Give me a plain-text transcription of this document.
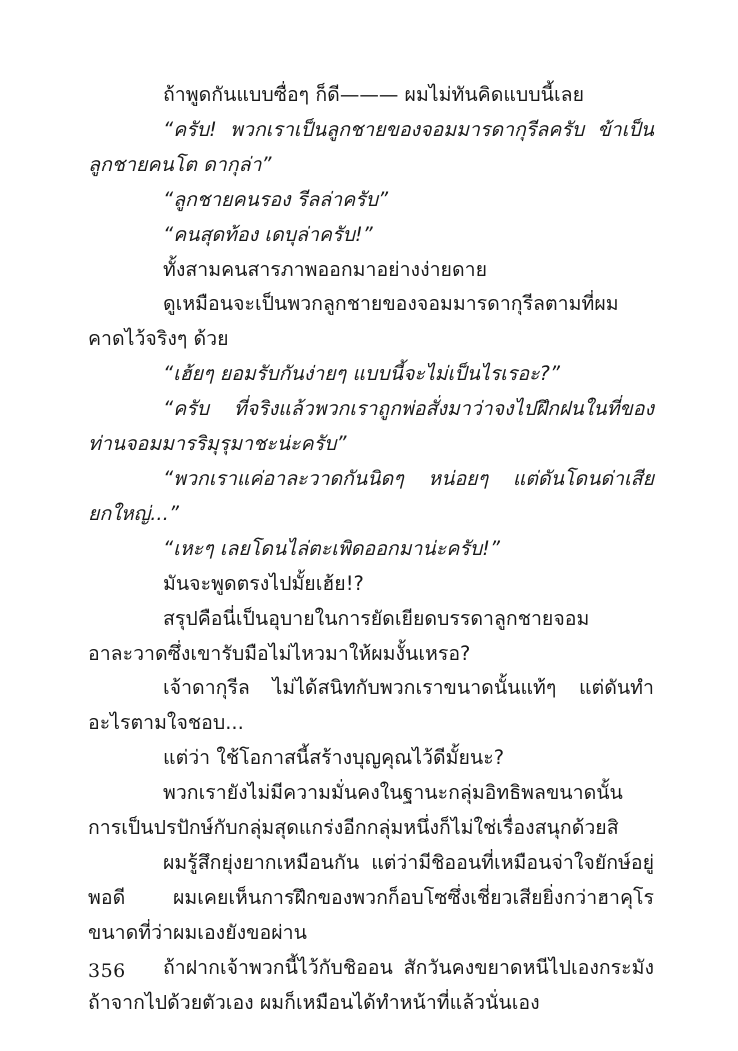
ถ้าพูดกันแบบซื่อๆ ก็ดี——— ผมไม่ทันคิดแบบนี้เลย

“ครับ! พวกเราเป็นลูกชายของจอมมารดากุรีลครับ ข้าเป็นลูกชายคนโต ดากุล่า”

“ลูกชายคนรอง รีลล่าครับ”

“คนสุดท้อง เดบุล่าครับ!”

ทั้งสามคนสารภาพออกมาอย่างง่ายดาย

ดูเหมือนจะเป็นพวกลูกชายของจอมมารดากุรีลตามที่ผมคาดไว้จริงๆ ด้วย

“เฮ้ยๆ ยอมรับกันง่ายๆ แบบนี้จะไม่เป็นไรเรอะ?”

“ครับ ที่จริงแล้วพวกเราถูกพ่อสั่งมาว่าจงไปฝึกฝนในที่ของท่านจอมมารริมุรุมาชะน่ะครับ”

“พวกเราแค่อาละวาดกันนิดๆ หน่อยๆ แต่ดันโดนด่าเสียยกใหญ่...”

“เหะๆ เลยโดนไล่ตะเพิดออกมาน่ะครับ!”

มันจะพูดตรงไปมั้ยเฮ้ย!?

สรุปคือนี่เป็นอุบายในการยัดเยียดบรรดาลูกชายจอมอาละวาดซึ่งเขารับมือไม่ไหวมาให้ผมงั้นเหรอ?

เจ้าดากุรีล ไม่ได้สนิทกับพวกเราขนาดนั้นแท้ๆ แต่ดันทำอะไรตามใจชอบ...

แต่ว่า ใช้โอกาสนี้สร้างบุญคุณไว้ดีมั้ยนะ?

พวกเรายังไม่มีความมั่นคงในฐานะกลุ่มอิทธิพลขนาดนั้น การเป็นปรปักษ์กับกลุ่มสุดแกร่งอีกกลุ่มหนึ่งก็ไม่ใช่เรื่องสนุกด้วยสิ

ผมรู้สึกยุ่งยากเหมือนกัน แต่ว่ามีชิออนที่เหมือนจ่าใจยักษ์อยู่พอดี ผมเคยเห็นการฝึกของพวกก็อบโซซึ่งเชี่ยวเสียยิ่งกว่าฮาคุโรขนาดที่ว่าผมเองยังขอผ่าน

ถ้าฝากเจ้าพวกนี้ไว้กับชิออน สักวันคงขยาดหนีไปเองกระมัง ถ้าจากไปด้วยตัวเอง ผมก็เหมือนได้ทำหน้าที่แล้วนั่นเอง

356
